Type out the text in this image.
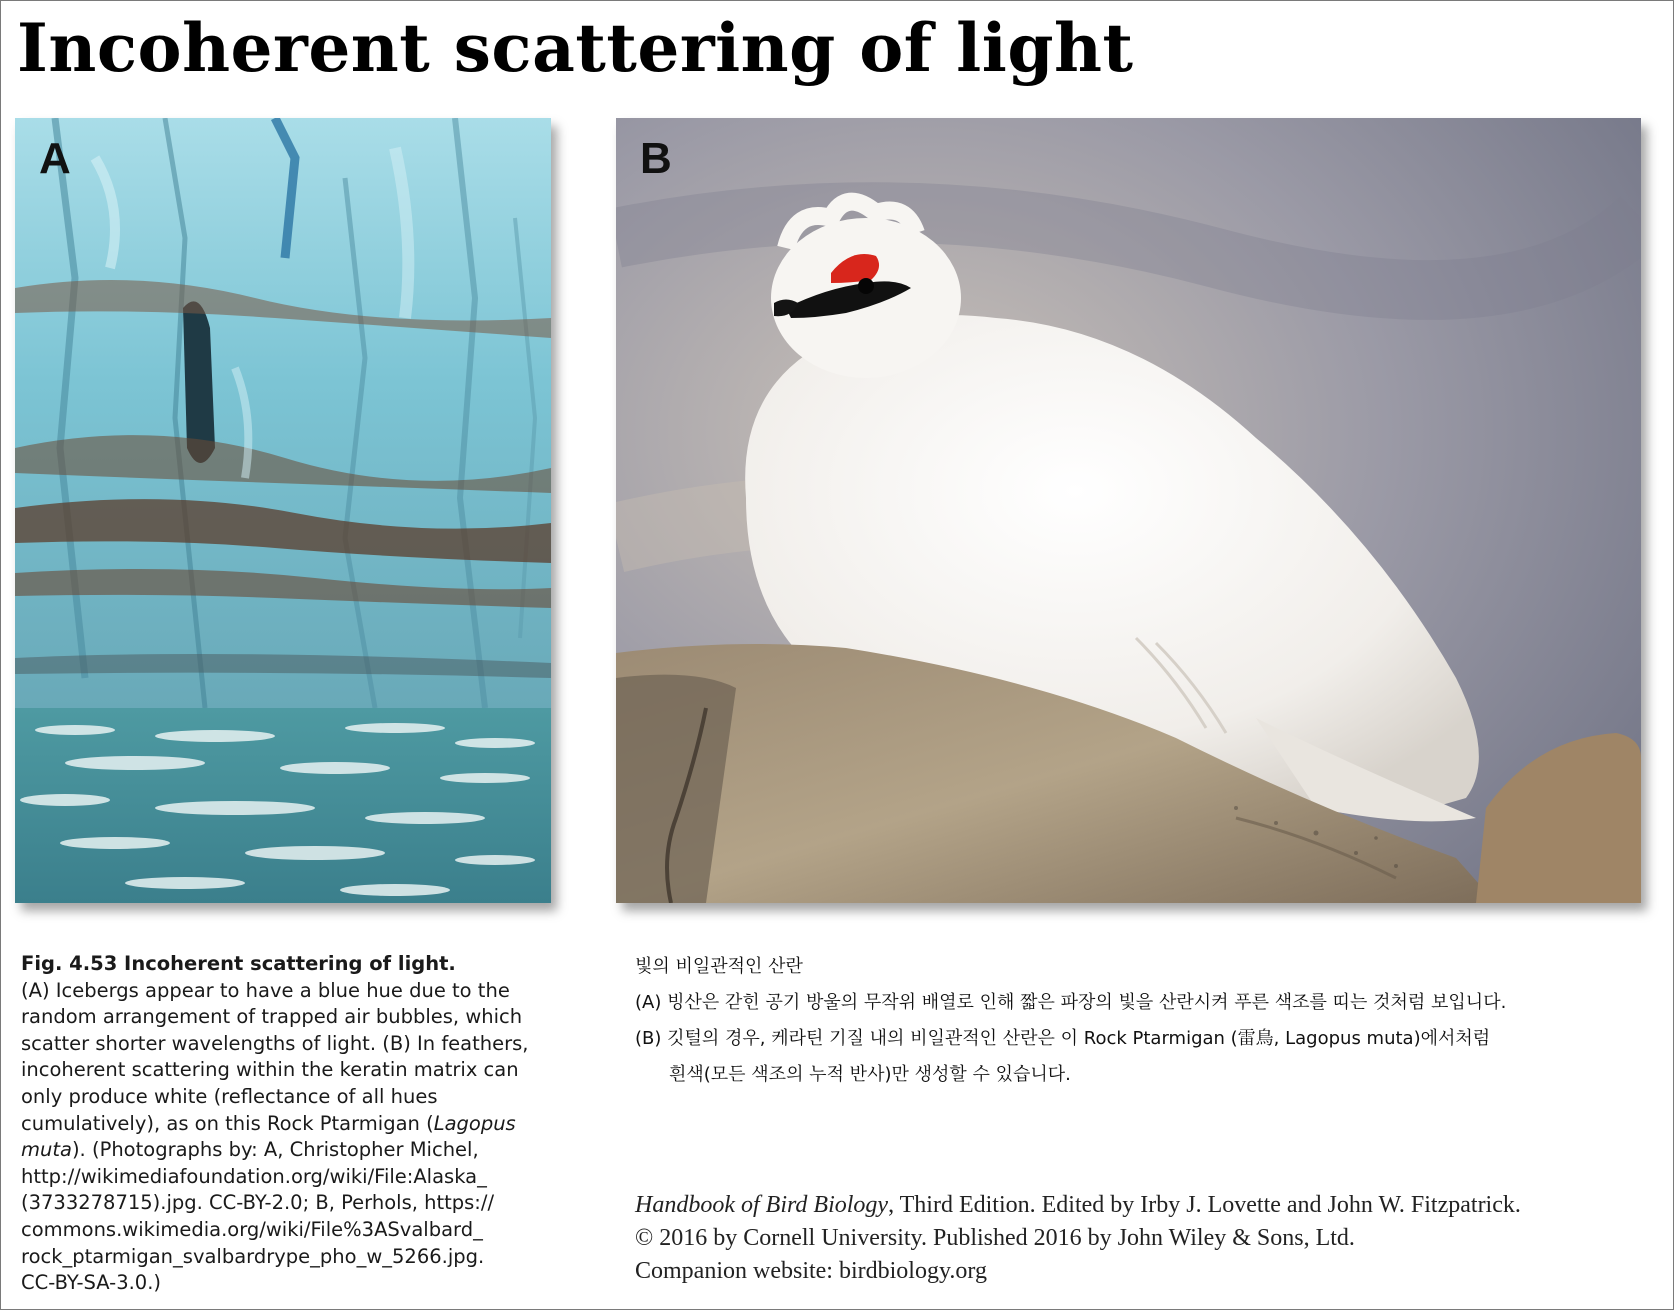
Incoherent scattering of light
A	B
Fig. 4.53 Incoherent scattering of light.
(A) Icebergs appear to have a blue hue due to the
random arrangement of trapped air bubbles, which
scatter shorter wavelengths of light. (B) In feathers,
incoherent scattering within the keratin matrix can
only produce white (reflectance of all hues
cumulatively), as on this Rock Ptarmigan (Lagopus
muta). (Photographs by: A, Christopher Michel,
http://wikimediafoundation.org/wiki/File:Alaska_
(3733278715).jpg. CC-BY-2.0; B, Perhols, https://
commons.wikimedia.org/wiki/File%3ASvalbard_
rock_ptarmigan_svalbardrype_pho_w_5266.jpg.
CC-BY-SA-3.0.)
빛의 비일관적인 산란
(A) 빙산은 갇힌 공기 방울의 무작위 배열로 인해 짧은 파장의 빛을 산란시켜 푸른 색조를 띠는 것처럼 보입니다.
(B) 깃털의 경우, 케라틴 기질 내의 비일관적인 산란은 이 Rock Ptarmigan (雷鳥, Lagopus muta)에서처럼
흰색(모든 색조의 누적 반사)만 생성할 수 있습니다.
Handbook of Bird Biology, Third Edition. Edited by Irby J. Lovette and John W. Fitzpatrick.
© 2016 by Cornell University. Published 2016 by John Wiley & Sons, Ltd.
Companion website: birdbiology.org
